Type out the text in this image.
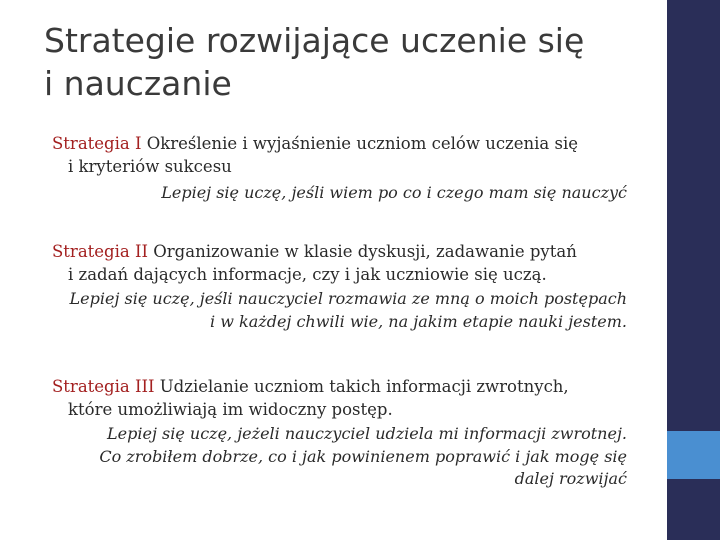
Strategie rozwijające uczenie się
i nauczanie
Strategia I Określenie i wyjaśnienie uczniom celów uczenia się
i kryteriów sukcesu
Lepiej się uczę, jeśli wiem po co i czego mam się nauczyć
Strategia II Organizowanie w klasie dyskusji, zadawanie pytań
i zadań dających informacje, czy i jak uczniowie się uczą.
Lepiej się uczę, jeśli nauczyciel rozmawia ze mną o moich postępach
i w każdej chwili wie, na jakim etapie nauki jestem.
Strategia III Udzielanie uczniom takich informacji zwrotnych,
które umożliwiają im widoczny postęp.
Lepiej się uczę, jeżeli nauczyciel udziela mi informacji zwrotnej.
Co zrobiłem dobrze, co i jak powinienem poprawić i jak mogę się
dalej rozwijać
